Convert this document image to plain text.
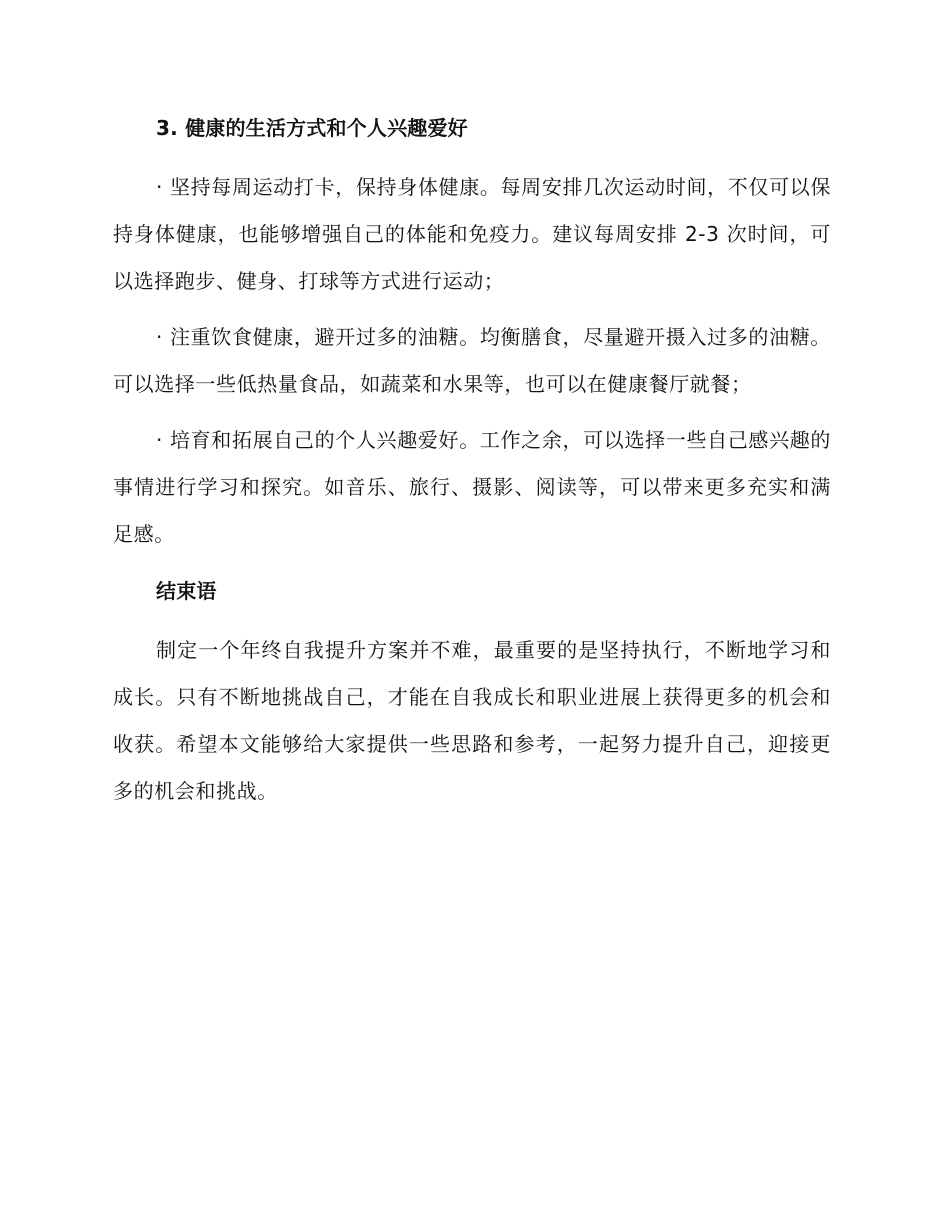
3. 健康的生活方式和个人兴趣爱好

· 坚持每周运动打卡，保持身体健康。每周安排几次运动时间，不仅可以保持身体健康，也能够增强自己的体能和免疫力。建议每周安排 2-3 次时间，可以选择跑步、健身、打球等方式进行运动；

· 注重饮食健康，避开过多的油糖。均衡膳食，尽量避开摄入过多的油糖。可以选择一些低热量食品，如蔬菜和水果等，也可以在健康餐厅就餐；

· 培育和拓展自己的个人兴趣爱好。工作之余，可以选择一些自己感兴趣的事情进行学习和探究。如音乐、旅行、摄影、阅读等，可以带来更多充实和满足感。

结束语

制定一个年终自我提升方案并不难，最重要的是坚持执行，不断地学习和成长。只有不断地挑战自己，才能在自我成长和职业进展上获得更多的机会和收获。希望本文能够给大家提供一些思路和参考，一起努力提升自己，迎接更多的机会和挑战。
